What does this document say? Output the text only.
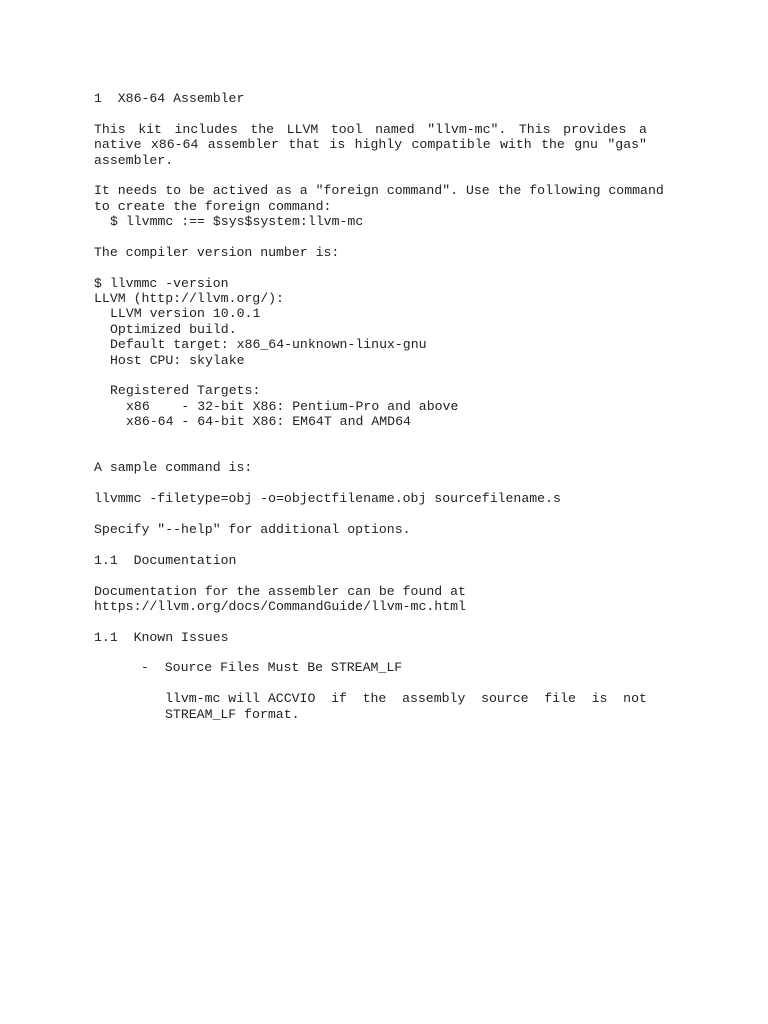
1  X86-64 Assembler
This kit includes the LLVM tool named "llvm-mc". This provides a
native x86-64 assembler that is highly compatible with the gnu "gas"
assembler.
It needs to be actived as a "foreign command". Use the following command
to create the foreign command:
$ llvmmc :== $sys$system:llvm-mc
The compiler version number is:
$ llvmmc -version
LLVM (http://llvm.org/):
LLVM version 10.0.1
Optimized build.
Default target: x86_64-unknown-linux-gnu
Host CPU: skylake
Registered Targets:
x86    - 32-bit X86: Pentium-Pro and above
x86-64 - 64-bit X86: EM64T and AMD64
A sample command is:
llvmmc -filetype=obj -o=objectfilename.obj sourcefilename.s
Specify "--help" for additional options.
1.1  Documentation
Documentation for the assembler can be found at
https://llvm.org/docs/CommandGuide/llvm-mc.html
1.1  Known Issues
-  Source Files Must Be STREAM_LF
llvm-mc will ACCVIO if the assembly source file is not
STREAM_LF format.
